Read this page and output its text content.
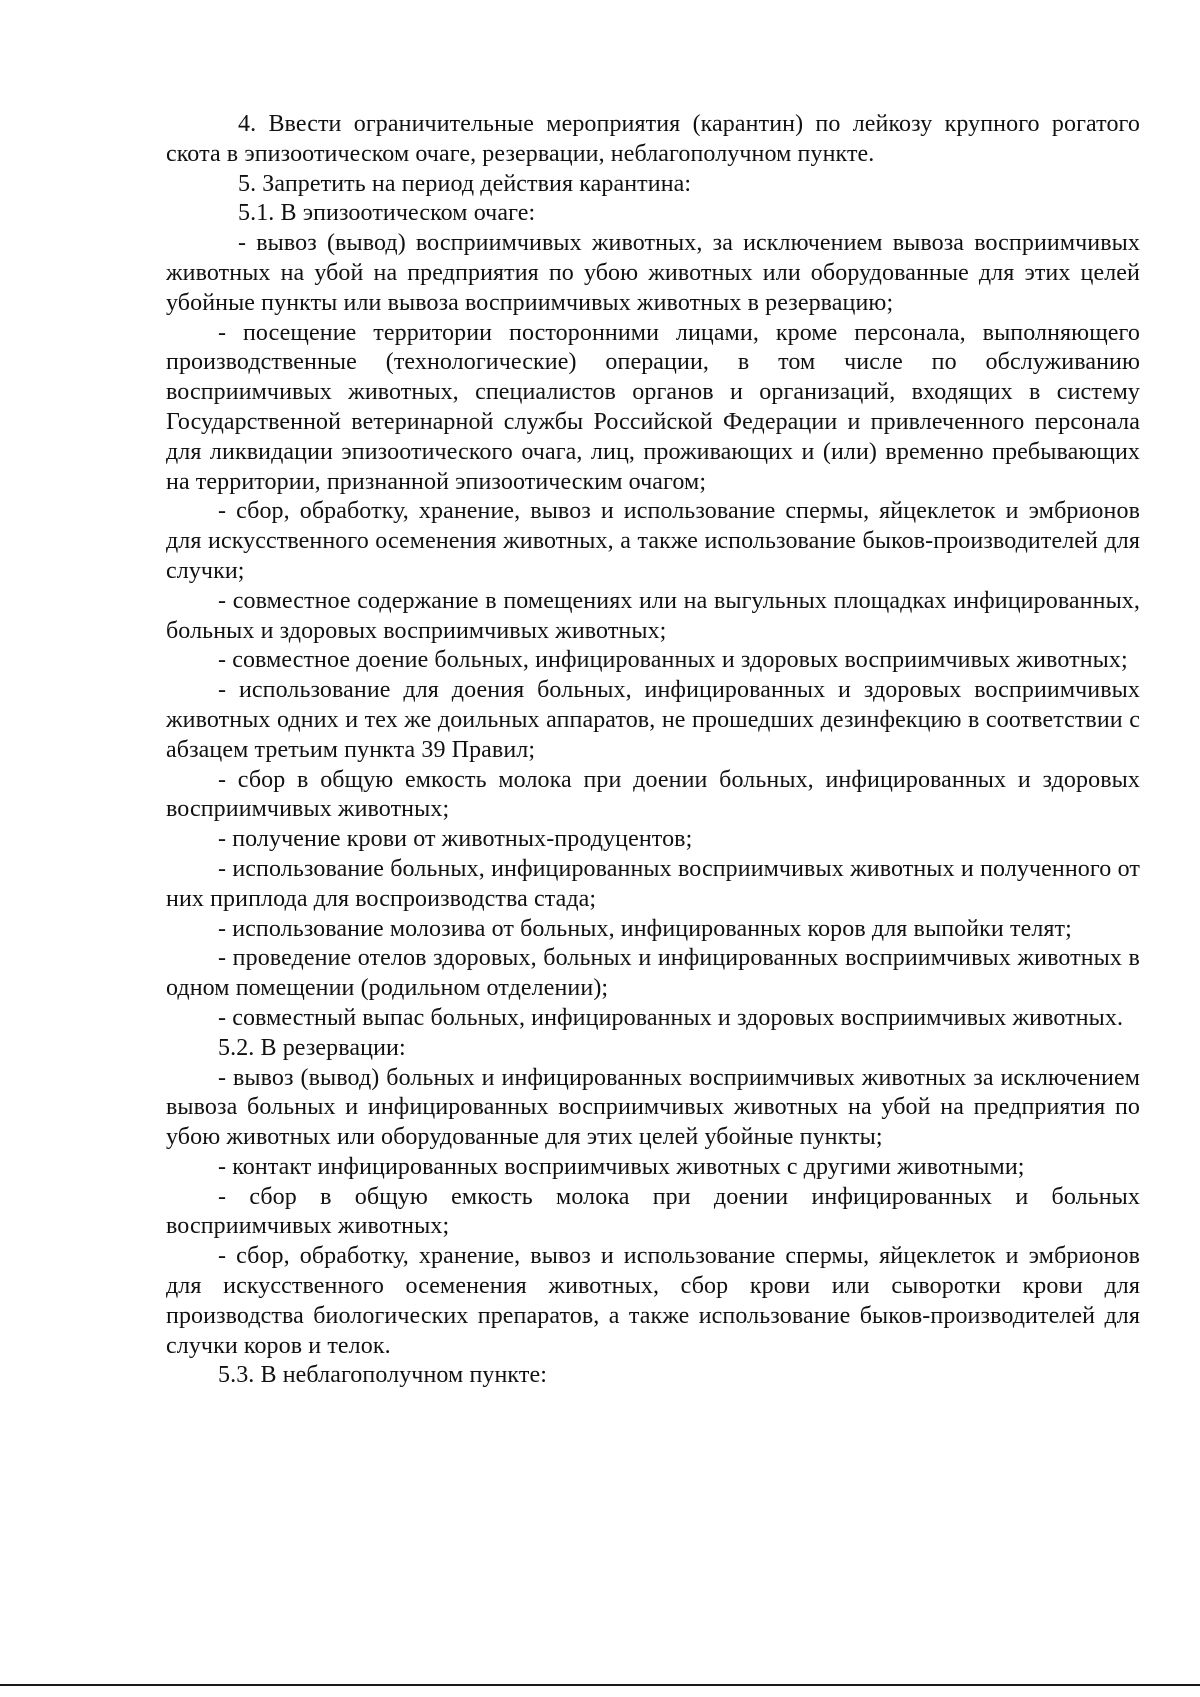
4. Ввести ограничительные мероприятия (карантин) по лейкозу крупного рогатого скота в эпизоотическом очаге, резервации, неблагополучном пункте.

5. Запретить на период действия карантина:

5.1. В эпизоотическом очаге:

- вывоз (вывод) восприимчивых животных, за исключением вывоза восприимчивых животных на убой на предприятия по убою животных или оборудованные для этих целей убойные пункты или вывоза восприимчивых животных в резервацию;

- посещение территории посторонними лицами, кроме персонала, выполняющего производственные (технологические) операции, в том числе по обслуживанию восприимчивых животных, специалистов органов и организаций, входящих в систему Государственной ветеринарной службы Российской Федерации и привлеченного персонала для ликвидации эпизоотического очага, лиц, проживающих и (или) временно пребывающих на территории, признанной эпизоотическим очагом;

- сбор, обработку, хранение, вывоз и использование спермы, яйцеклеток и эмбрионов для искусственного осеменения животных, а также использование быков-производителей для случки;

- совместное содержание в помещениях или на выгульных площадках инфицированных, больных и здоровых восприимчивых животных;

- совместное доение больных, инфицированных и здоровых восприимчивых животных;

- использование для доения больных, инфицированных и здоровых восприимчивых животных одних и тех же доильных аппаратов, не прошедших дезинфекцию в соответствии с абзацем третьим пункта 39 Правил;

- сбор в общую емкость молока при доении больных, инфицированных и здоровых восприимчивых животных;

- получение крови от животных-продуцентов;

- использование больных, инфицированных восприимчивых животных и полученного от них приплода для воспроизводства стада;

- использование молозива от больных, инфицированных коров для выпойки телят;

- проведение отелов здоровых, больных и инфицированных восприимчивых животных в одном помещении (родильном отделении);

- совместный выпас больных, инфицированных и здоровых восприимчивых животных.

5.2. В резервации:

- вывоз (вывод) больных и инфицированных восприимчивых животных за исключением вывоза больных и инфицированных восприимчивых животных на убой на предприятия по убою животных или оборудованные для этих целей убойные пункты;

- контакт инфицированных восприимчивых животных с другими животными;

- сбор в общую емкость молока при доении инфицированных и больных восприимчивых животных;

- сбор, обработку, хранение, вывоз и использование спермы, яйцеклеток и эмбрионов для искусственного осеменения животных, сбор крови или сыворотки крови для производства биологических препаратов, а также использование быков-производителей для случки коров и телок.

5.3. В неблагополучном пункте:
